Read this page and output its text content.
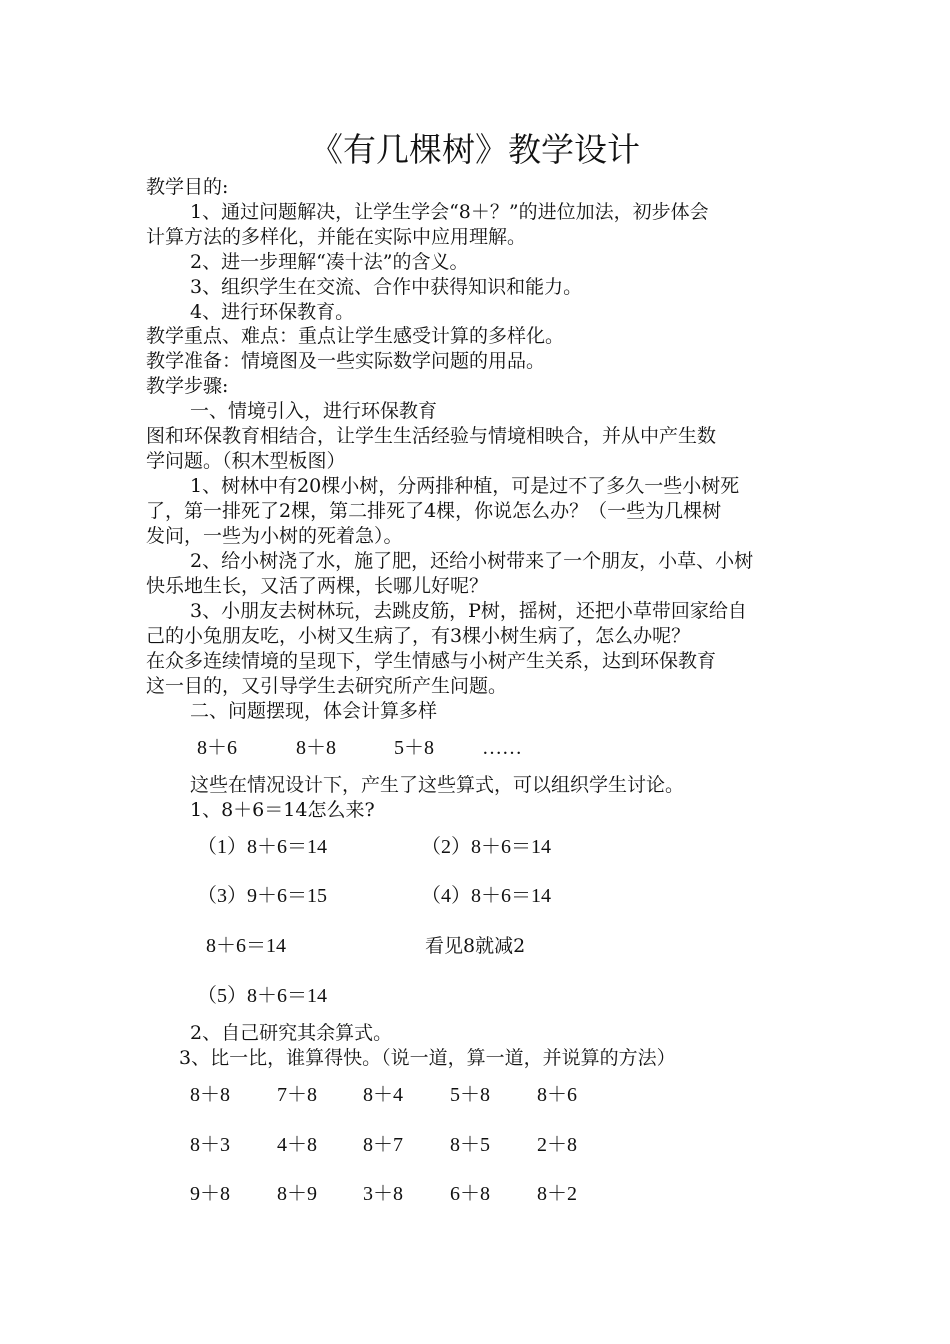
《有几棵树》教学设计
教学目的:
1、通过问题解决，让学生学会“8＋？”的进位加法，初步体会
计算方法的多样化，并能在实际中应用理解。
2、进一步理解“凑十法”的含义。
3、组织学生在交流、合作中获得知识和能力。
4、进行环保教育。
教学重点、难点：重点让学生感受计算的多样化。
教学准备：情境图及一些实际数学问题的用品。
教学步骤:
一、情境引入，进行环保教育
图和环保教育相结合，让学生生活经验与情境相映合，并从中产生数
学问题。（积木型板图）
1、树林中有20棵小树，分两排种植，可是过不了多久一些小树死
了，第一排死了2棵，第二排死了4棵，你说怎么办？（一些为几棵树
发问，一些为小树的死着急）。
2、给小树浇了水，施了肥，还给小树带来了一个朋友，小草、小树
快乐地生长，又活了两棵，长哪儿好呢？
3、小朋友去树林玩，去跳皮筋，P树，摇树，还把小草带回家给自
己的小兔朋友吃，小树又生病了，有3棵小树生病了，怎么办呢？
在众多连续情境的呈现下，学生情感与小树产生关系，达到环保教育
这一目的，又引导学生去研究所产生问题。
二、问题摆现，体会计算多样
8＋6	8＋8	5＋8 ……
这些在情况设计下，产生了这些算式，可以组织学生讨论。
1、8＋6＝14怎么来?
（1）8＋6＝14	（2）8＋6＝14
（3）9＋6＝15	（4）8＋6＝14
8＋6＝14	看见8就减2
（5）8＋6＝14
2、自己研究其余算式。
3、比一比，谁算得快。（说一道，算一道，并说算的方法）
8＋8 7＋8 8＋4 5＋8 8＋6
8＋3 4＋8 8＋7 8＋5 2＋8
9＋8 8＋9 3＋8 6＋8 8＋2
